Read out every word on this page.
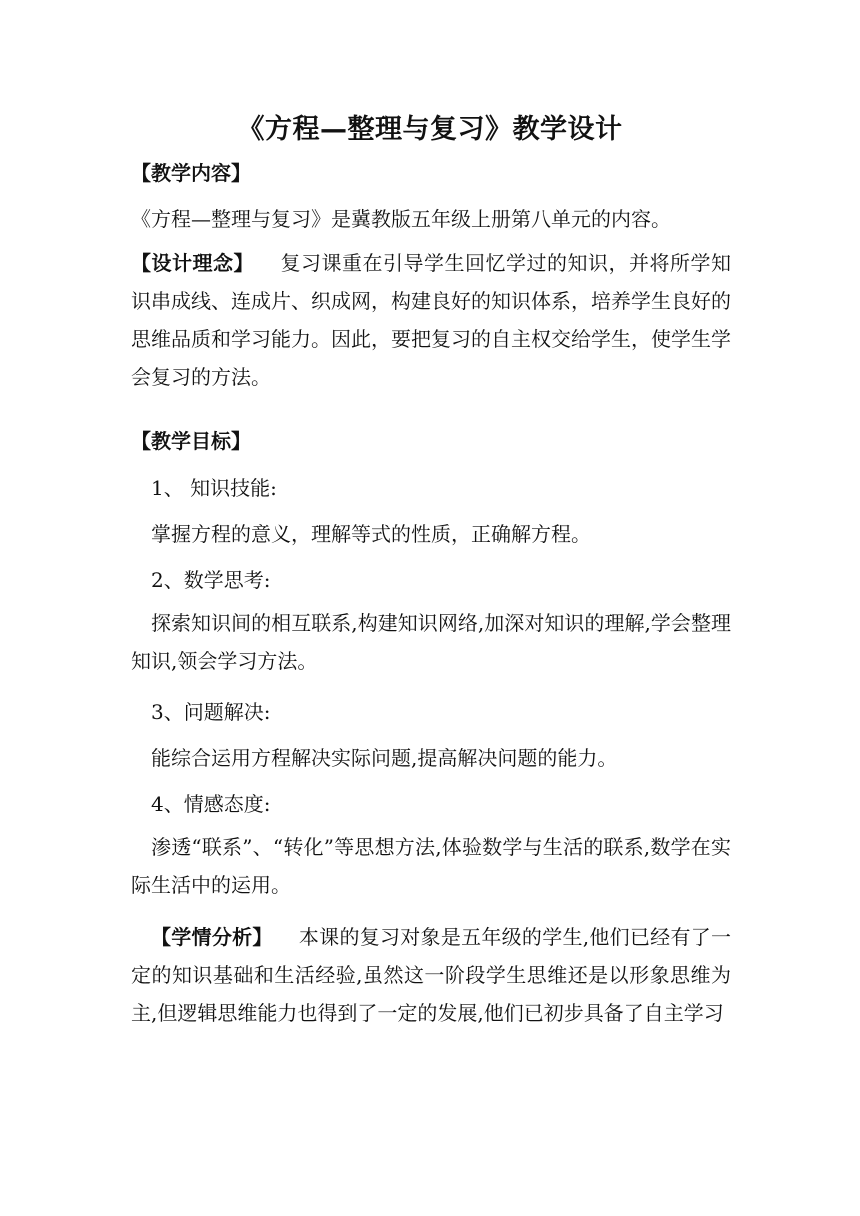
《方程—整理与复习》教学设计
【教学内容】
《方程—整理与复习》是冀教版五年级上册第八单元的内容。
【设计理念】 复习课重在引导学生回忆学过的知识，并将所学知识串成线、连成片、织成网，构建良好的知识体系，培养学生良好的思维品质和学习能力。因此，要把复习的自主权交给学生，使学生学会复习的方法。
【教学目标】
1、 知识技能:
掌握方程的意义，理解等式的性质，正确解方程。
2、数学思考:
探索知识间的相互联系,构建知识网络,加深对知识的理解,学会整理知识,领会学习方法。
3、问题解决:
能综合运用方程解决实际问题,提高解决问题的能力。
4、情感态度:
渗透“联系”、“转化”等思想方法,体验数学与生活的联系,数学在实际生活中的运用。
【学情分析】 本课的复习对象是五年级的学生,他们已经有了一定的知识基础和生活经验,虽然这一阶段学生思维还是以形象思维为主,但逻辑思维能力也得到了一定的发展,他们已初步具备了自主学习
